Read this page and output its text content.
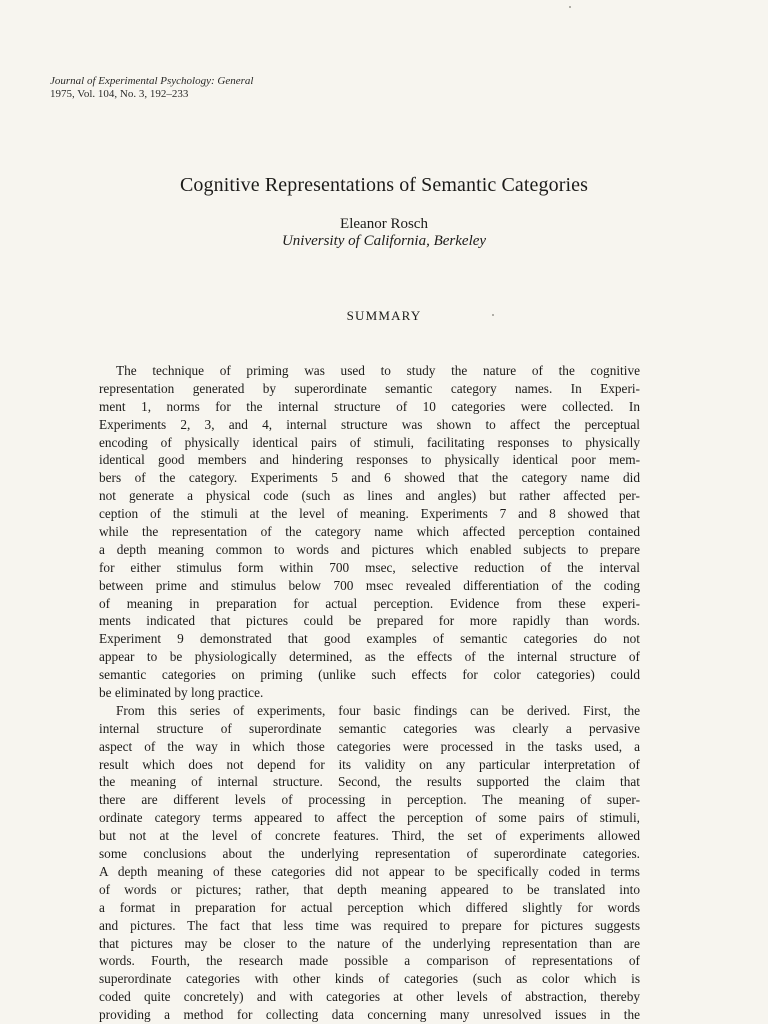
Journal of Experimental Psychology: General
1975, Vol. 104, No. 3, 192–233
Cognitive Representations of Semantic Categories
Eleanor Rosch
University of California, Berkeley
SUMMARY
The technique of priming was used to study the nature of the cognitive
representation generated by superordinate semantic category names. In Experi-
ment 1, norms for the internal structure of 10 categories were collected. In
Experiments 2, 3, and 4, internal structure was shown to affect the perceptual
encoding of physically identical pairs of stimuli, facilitating responses to physically
identical good members and hindering responses to physically identical poor mem-
bers of the category. Experiments 5 and 6 showed that the category name did
not generate a physical code (such as lines and angles) but rather affected per-
ception of the stimuli at the level of meaning. Experiments 7 and 8 showed that
while the representation of the category name which affected perception contained
a depth meaning common to words and pictures which enabled subjects to prepare
for either stimulus form within 700 msec, selective reduction of the interval
between prime and stimulus below 700 msec revealed differentiation of the coding
of meaning in preparation for actual perception. Evidence from these experi-
ments indicated that pictures could be prepared for more rapidly than words.
Experiment 9 demonstrated that good examples of semantic categories do not
appear to be physiologically determined, as the effects of the internal structure of
semantic categories on priming (unlike such effects for color categories) could
be eliminated by long practice.
From this series of experiments, four basic findings can be derived. First, the
internal structure of superordinate semantic categories was clearly a pervasive
aspect of the way in which those categories were processed in the tasks used, a
result which does not depend for its validity on any particular interpretation of
the meaning of internal structure. Second, the results supported the claim that
there are different levels of processing in perception. The meaning of super-
ordinate category terms appeared to affect the perception of some pairs of stimuli,
but not at the level of concrete features. Third, the set of experiments allowed
some conclusions about the underlying representation of superordinate categories.
A depth meaning of these categories did not appear to be specifically coded in terms
of words or pictures; rather, that depth meaning appeared to be translated into
a format in preparation for actual perception which differed slightly for words
and pictures. The fact that less time was required to prepare for pictures suggests
that pictures may be closer to the nature of the underlying representation than are
words. Fourth, the research made possible a comparison of representations of
superordinate categories with other kinds of categories (such as color which is
coded quite concretely) and with categories at other levels of abstraction, thereby
providing a method for collecting data concerning many unresolved issues in the
